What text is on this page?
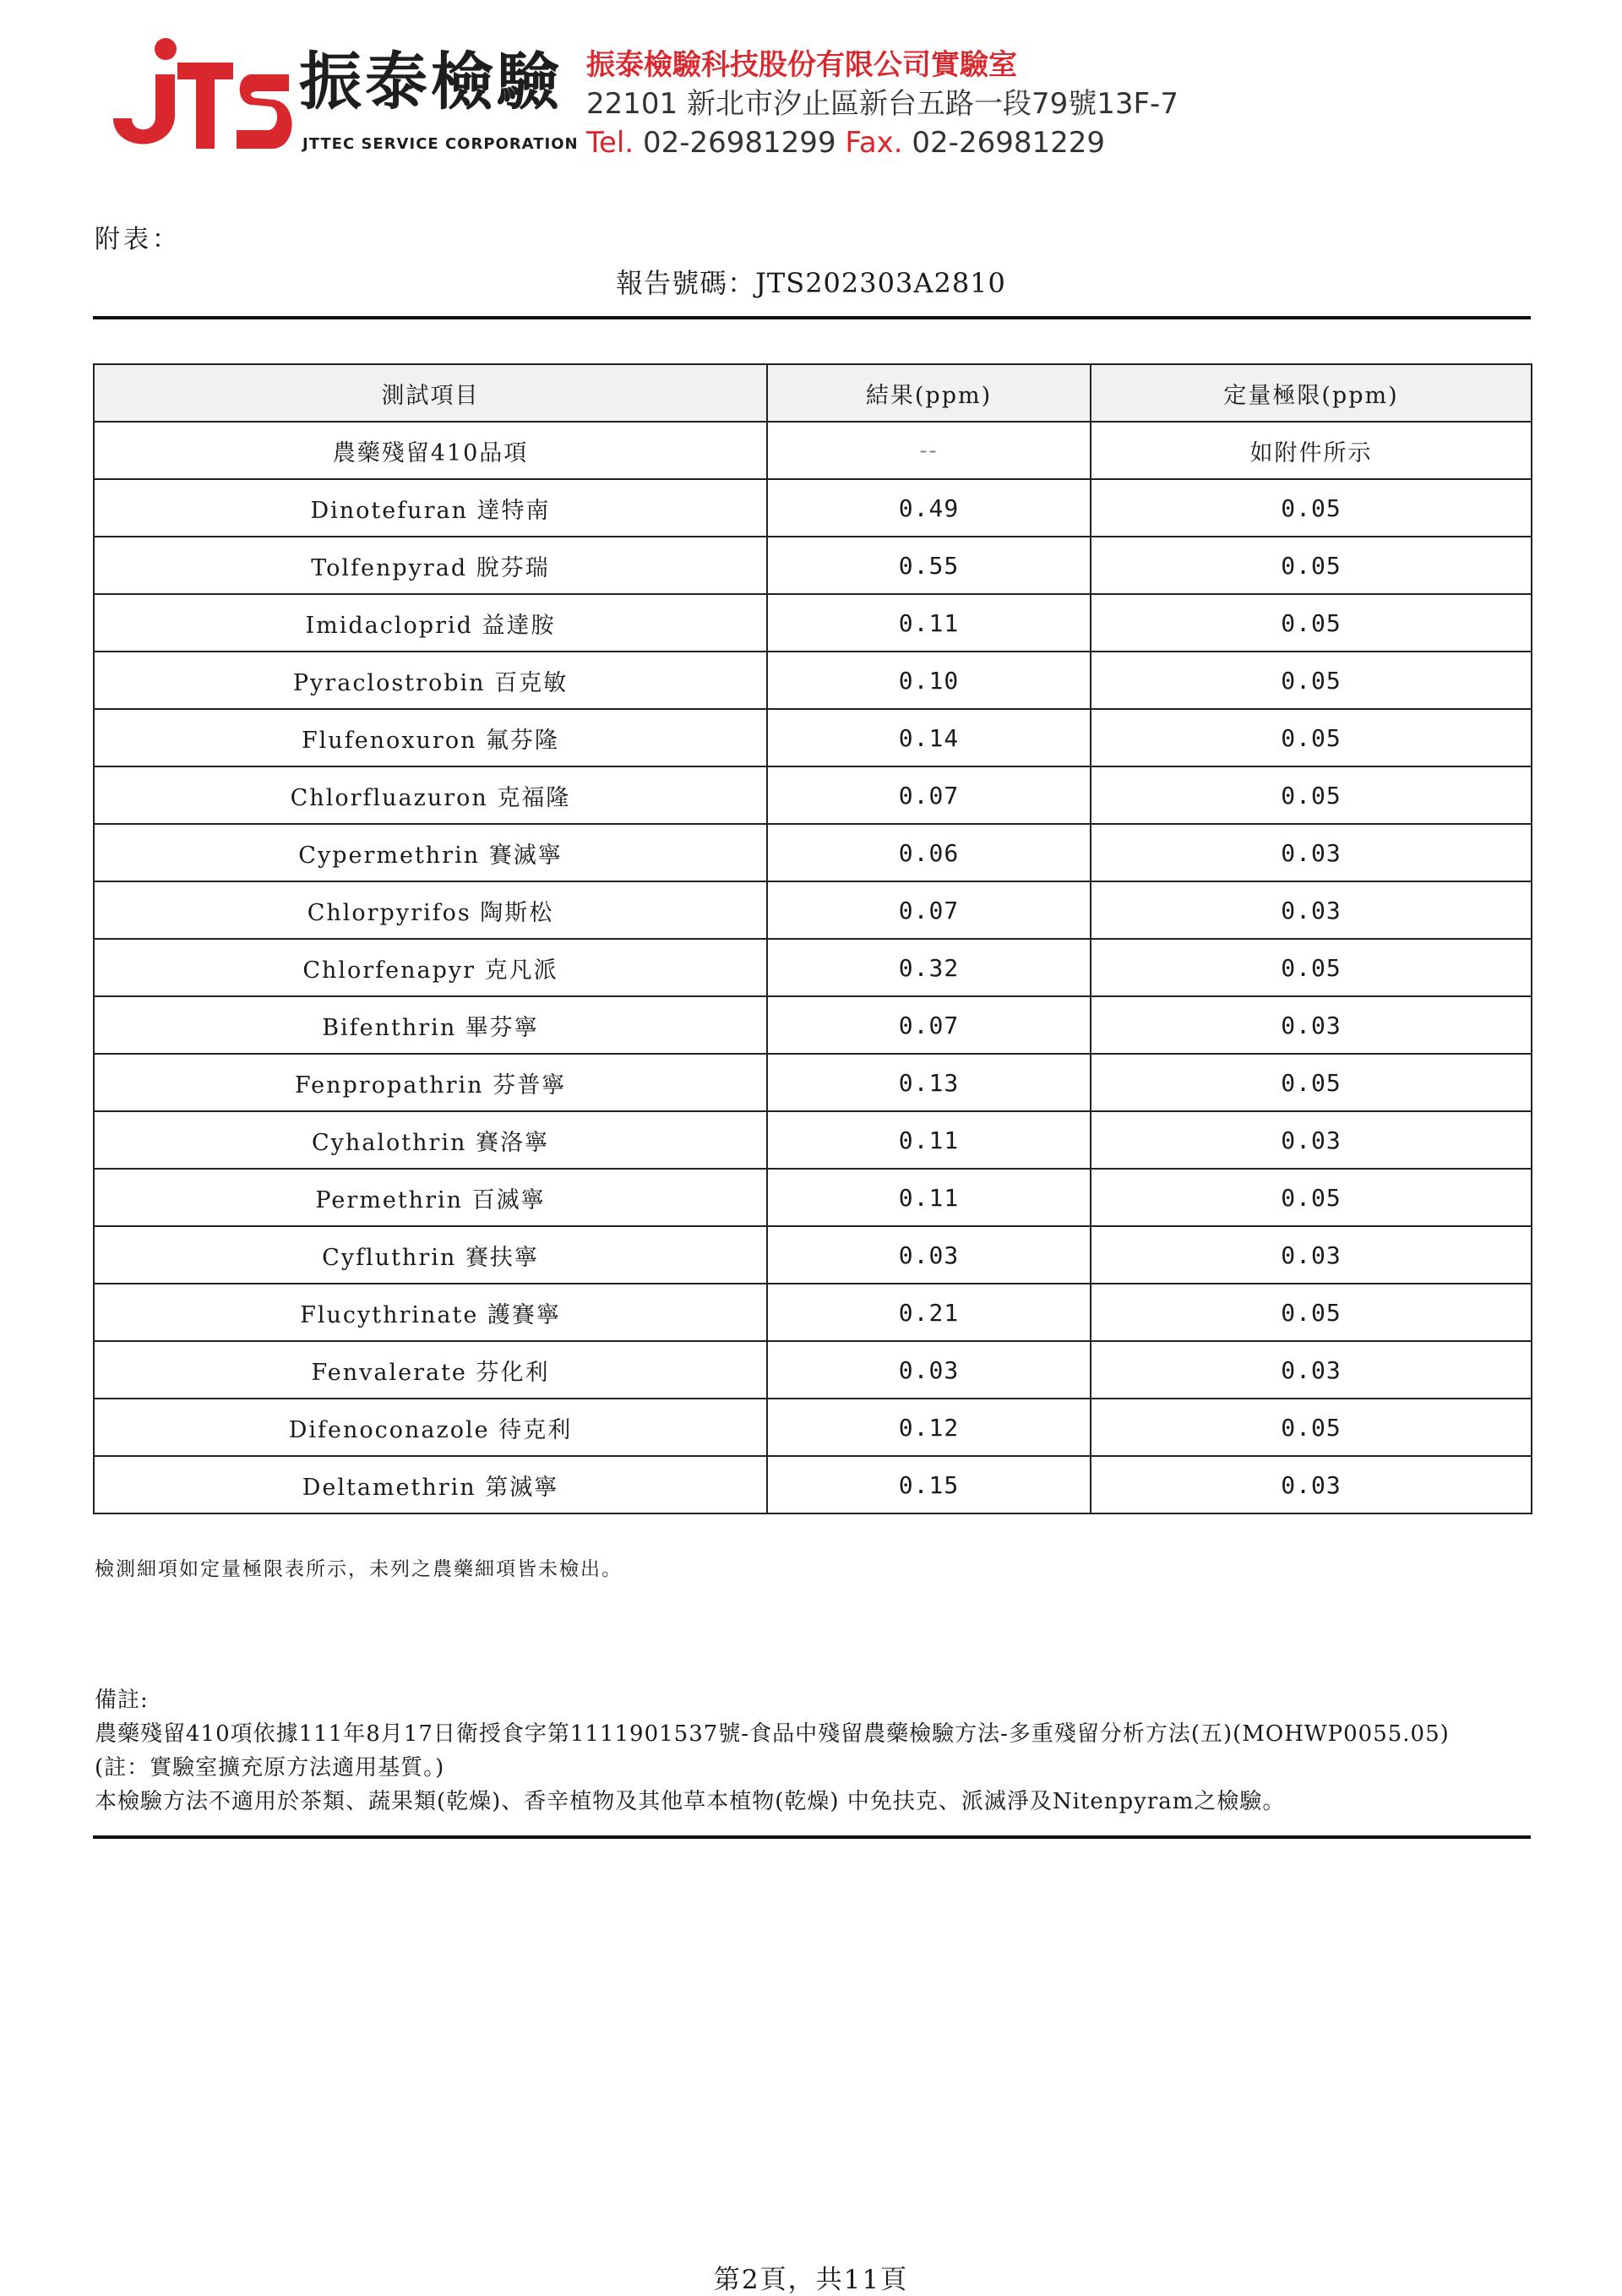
振泰檢驗
JTTEC SERVICE CORPORATION
振泰檢驗科技股份有限公司實驗室
22101 新北市汐止區新台五路一段79號13F-7
Tel. 02-26981299 Fax. 02-26981229
附表：
報告號碼：JTS202303A2810
測試項目	結果(ppm)	定量極限(ppm)
農藥殘留410品項	--	如附件所示
Dinotefuran 達特南	0.49	0.05
Tolfenpyrad 脫芬瑞	0.55	0.05
Imidacloprid 益達胺	0.11	0.05
Pyraclostrobin 百克敏	0.10	0.05
Flufenoxuron 氟芬隆	0.14	0.05
Chlorfluazuron 克福隆	0.07	0.05
Cypermethrin 賽滅寧	0.06	0.03
Chlorpyrifos 陶斯松	0.07	0.03
Chlorfenapyr 克凡派	0.32	0.05
Bifenthrin 畢芬寧	0.07	0.03
Fenpropathrin 芬普寧	0.13	0.05
Cyhalothrin 賽洛寧	0.11	0.03
Permethrin 百滅寧	0.11	0.05
Cyfluthrin 賽扶寧	0.03	0.03
Flucythrinate 護賽寧	0.21	0.05
Fenvalerate 芬化利	0.03	0.03
Difenoconazole 待克利	0.12	0.05
Deltamethrin 第滅寧	0.15	0.03
檢測細項如定量極限表所示，未列之農藥細項皆未檢出。
備註:
農藥殘留410項依據111年8月17日衛授食字第1111901537號-食品中殘留農藥檢驗方法-多重殘留分析方法(五)(MOHWP0055.05)
(註：實驗室擴充原方法適用基質。)
本檢驗方法不適用於茶類、蔬果類(乾燥)、香辛植物及其他草本植物(乾燥) 中免扶克、派滅淨及Nitenpyram之檢驗。
第2頁，共11頁
